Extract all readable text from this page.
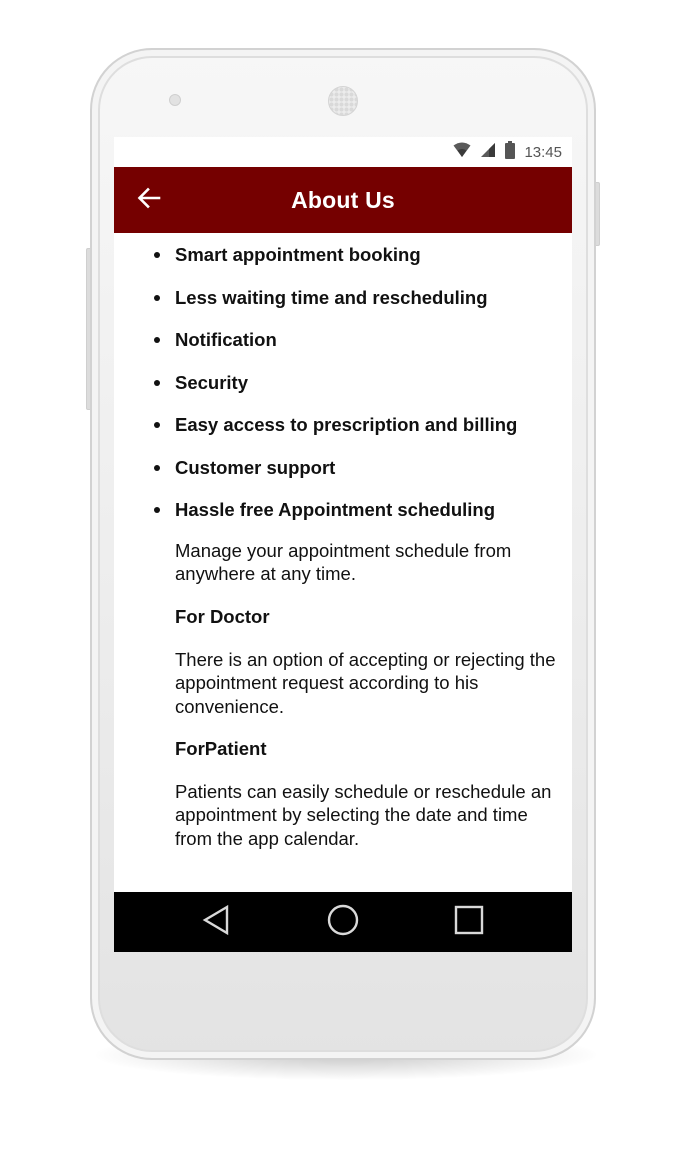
13:45
About Us
Smart appointment booking
Less waiting time and rescheduling
Notification
Security
Easy access to prescription and billing
Customer support
Hassle free Appointment scheduling

Manage your appointment schedule from anywhere at any time.

For Doctor

There is an option of accepting or rejecting the appointment request according to his convenience.

ForPatient

Patients can easily schedule or reschedule an appointment by selecting the date and time from the app calendar.
